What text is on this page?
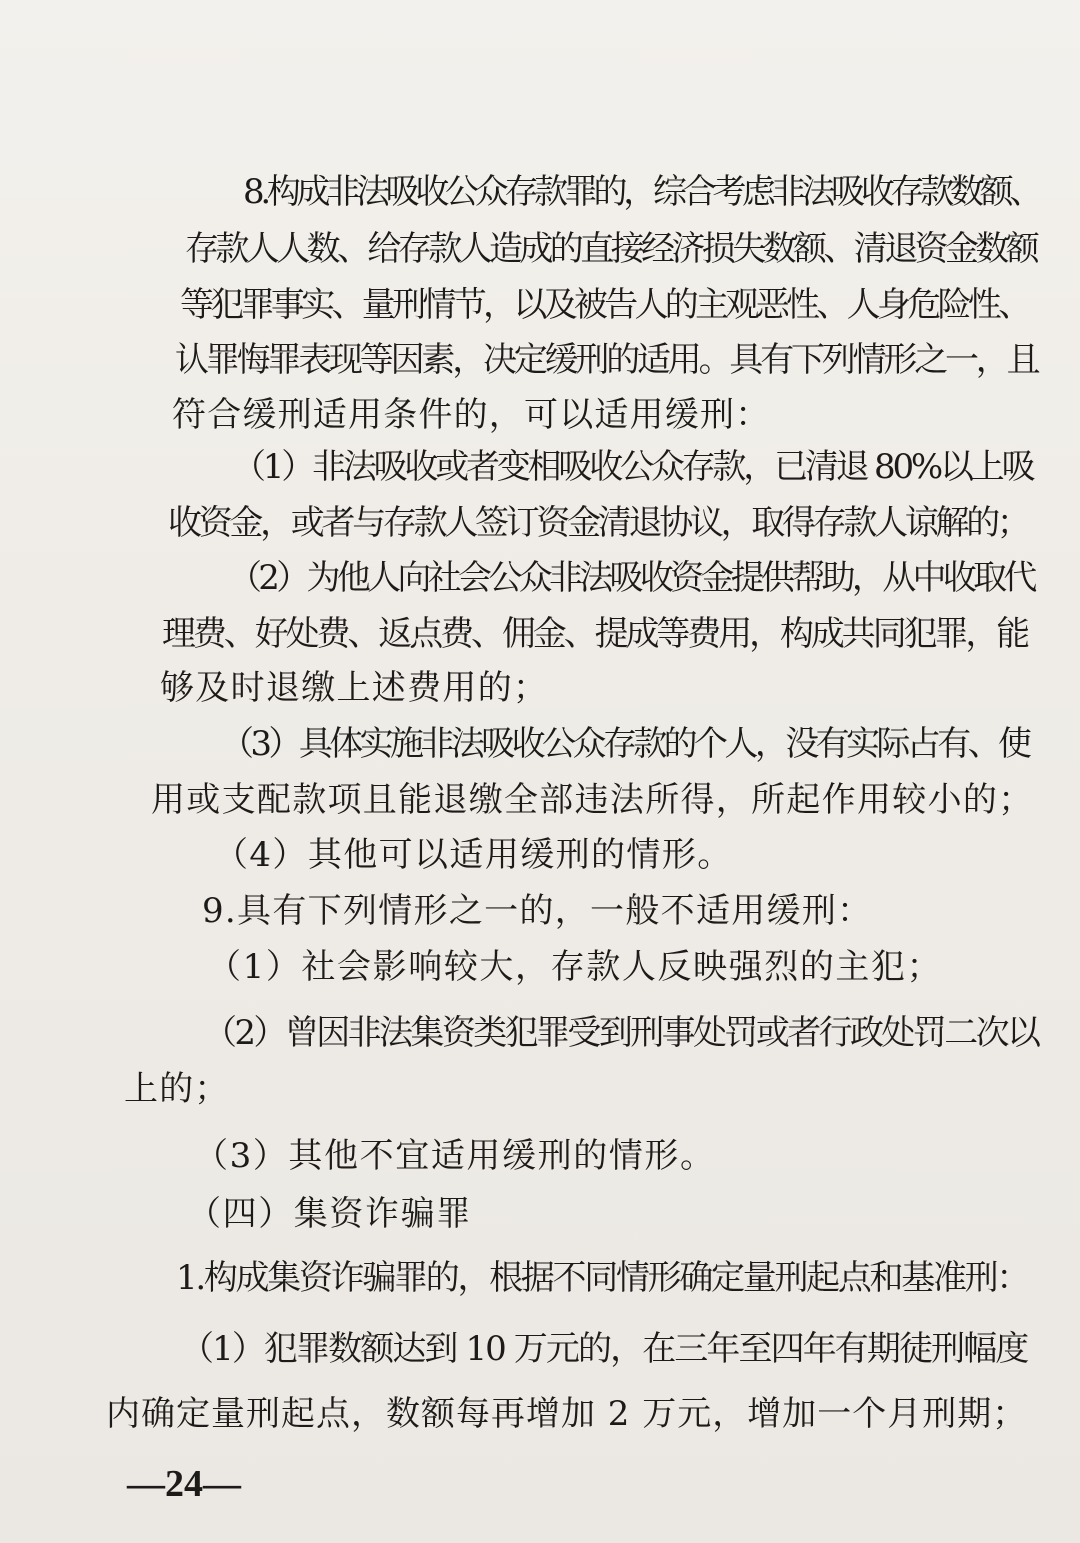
8.构成非法吸收公众存款罪的，综合考虑非法吸收存款数额、

存款人人数、给存款人造成的直接经济损失数额、清退资金数额

等犯罪事实、量刑情节，以及被告人的主观恶性、人身危险性、

认罪悔罪表现等因素，决定缓刑的适用。具有下列情形之一，且

符合缓刑适用条件的，可以适用缓刑：

（1）非法吸收或者变相吸收公众存款，已清退 80%以上吸

收资金，或者与存款人签订资金清退协议，取得存款人谅解的；

（2）为他人向社会公众非法吸收资金提供帮助，从中收取代

理费、好处费、返点费、佣金、提成等费用，构成共同犯罪，能

够及时退缴上述费用的；

（3）具体实施非法吸收公众存款的个人，没有实际占有、使

用或支配款项且能退缴全部违法所得，所起作用较小的；

（4）其他可以适用缓刑的情形。

9.具有下列情形之一的，一般不适用缓刑：

（1）社会影响较大，存款人反映强烈的主犯；

（2）曾因非法集资类犯罪受到刑事处罚或者行政处罚二次以

上的；

（3）其他不宜适用缓刑的情形。

（四）集资诈骗罪

1.构成集资诈骗罪的，根据不同情形确定量刑起点和基准刑：

（1）犯罪数额达到 10 万元的，在三年至四年有期徒刑幅度

内确定量刑起点，数额每再增加 2 万元，增加一个月刑期；

—24—
